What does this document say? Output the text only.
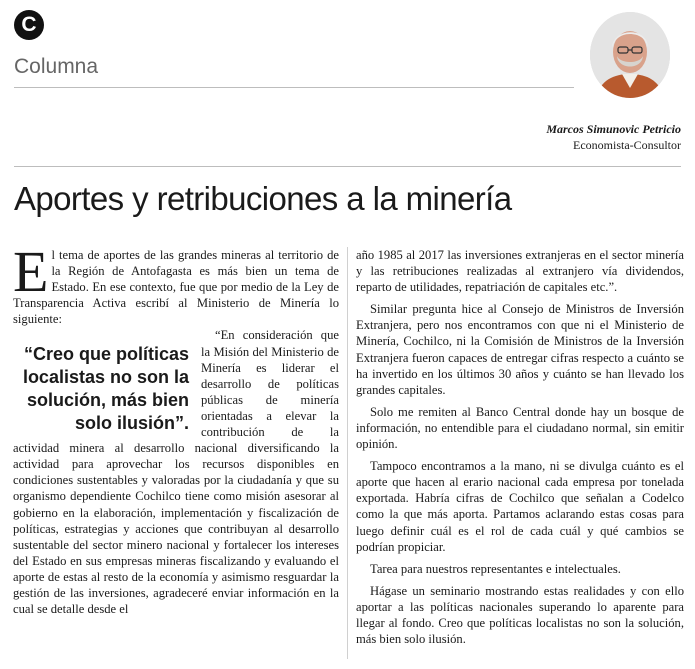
C
Columna
Marcos Simunovic Petricio
Economista-Consultor
Aportes y retribuciones a la minería

El tema de aportes de las grandes mineras al territorio de la Región de Antofagasta es más bien un tema de Estado. En ese contexto, fue que por medio de la Ley de Transparencia Activa escribí al Ministerio de Minería lo siguiente:

“Creo que políticas localistas no son la solución, más bien solo ilusión”.

“En consideración que la Misión del Ministerio de Minería es liderar el desarrollo de políticas públicas de minería orientadas a elevar la contribución de la actividad minera al desarrollo nacional diversificando la actividad para aprovechar los recursos disponibles en condiciones sustentables y valoradas por la ciudadanía y que su organismo dependiente Cochilco tiene como misión asesorar al gobierno en la elaboración, implementación y fiscalización de políticas, estrategias y acciones que contribuyan al desarrollo sustentable del sector minero nacional y fortalecer los intereses del Estado en sus empresas mineras fiscalizando y evaluando el aporte de estas al resto de la economía y asimismo resguardar la gestión de las inversiones, agradeceré enviar información en la cual se detalle desde el

año 1985 al 2017 las inversiones extranjeras en el sector minería y las retribuciones realizadas al extranjero vía dividendos, reparto de utilidades, repatriación de capitales etc.”.

Similar pregunta hice al Consejo de Ministros de Inversión Extranjera, pero nos encontramos con que ni el Ministerio de Minería, Cochilco, ni la Comisión de Ministros de la Inversión Extranjera fueron capaces de entregar cifras respecto a cuánto se ha invertido en los últimos 30 años y cuánto se han llevado los grandes capitales.

Solo me remiten al Banco Central donde hay un bosque de información, no entendible para el ciudadano normal, sin emitir opinión.

Tampoco encontramos a la mano, ni se divulga cuánto es el aporte que hacen al erario nacional cada empresa por tonelada exportada. Habría cifras de Cochilco que señalan a Codelco como la que más aporta. Partamos aclarando estas cosas para luego definir cuál es el rol de cada cuál y qué cambios se podrían propiciar.

Tarea para nuestros representantes e intelectuales.

Hágase un seminario mostrando estas realidades y con ello aportar a las políticas nacionales superando lo aparente para llegar al fondo. Creo que políticas localistas no son la solución, más bien solo ilusión.
